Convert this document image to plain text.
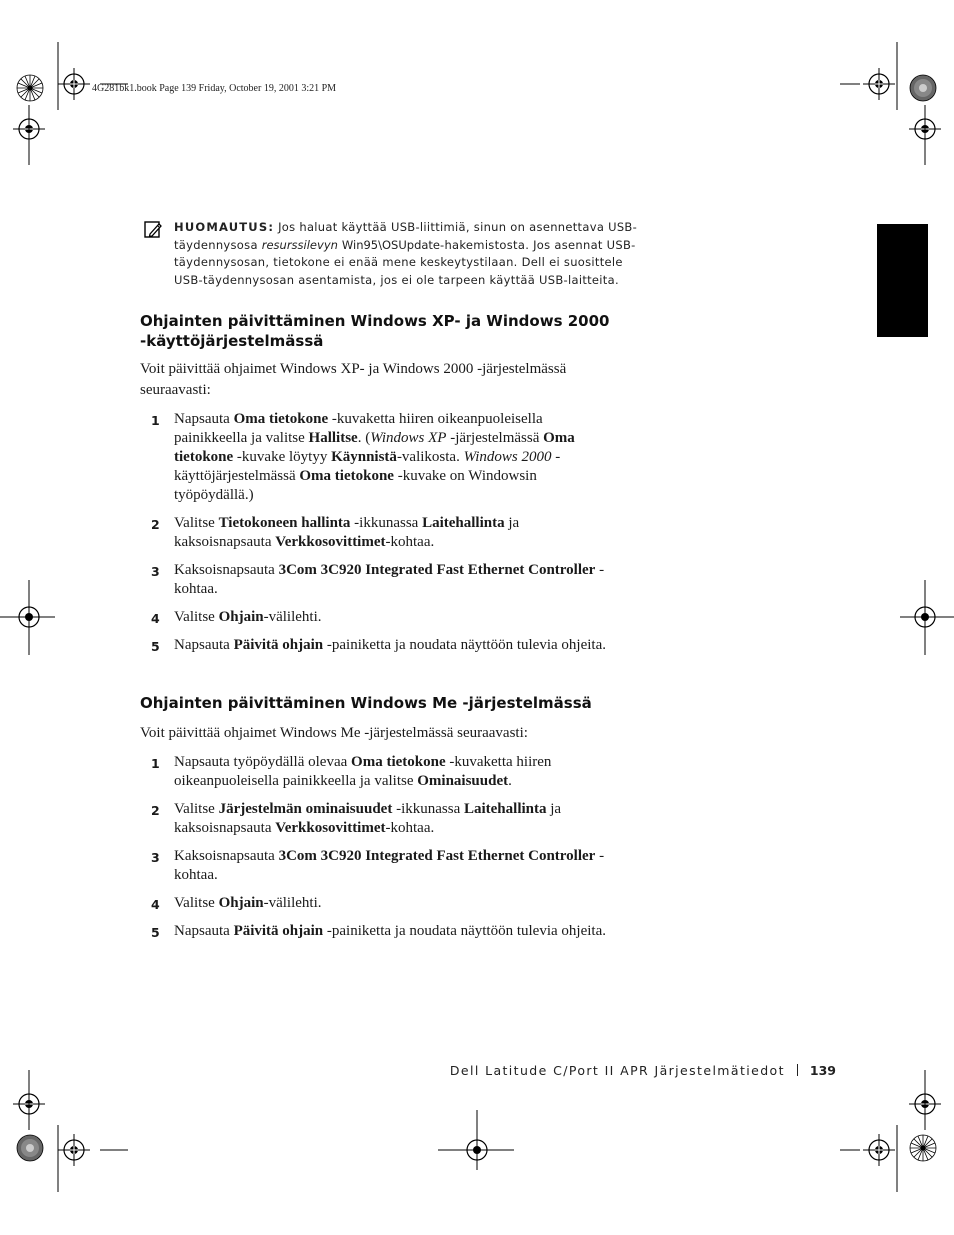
4G281bk1.book Page 139 Friday, October 19, 2001 3:21 PM
HUOMAUTUS: Jos haluat käyttää USB-liittimiä, sinun on asennettava USB-täydennysosa resurssilevyn Win95\OSUpdate-hakemistosta. Jos asennat USB-täydennysosan, tietokone ei enää mene keskeytystilaan. Dell ei suosittele USB-täydennysosan asentamista, jos ei ole tarpeen käyttää USB-laitteita.
Ohjainten päivittäminen Windows XP- ja Windows 2000 -käyttöjärjestelmässä

Voit päivittää ohjaimet Windows XP- ja Windows 2000 -järjestelmässä seuraavasti:

1 Napsauta Oma tietokone -kuvaketta hiiren oikeanpuoleisella painikkeella ja valitse Hallitse. (Windows XP -järjestelmässä Oma tietokone -kuvake löytyy Käynnistä-valikosta. Windows 2000 -käyttöjärjestelmässä Oma tietokone -kuvake on Windowsin työpöydällä.)
2 Valitse Tietokoneen hallinta -ikkunassa Laitehallinta ja kaksoisnapsauta Verkkosovittimet-kohtaa.
3 Kaksoisnapsauta 3Com 3C920 Integrated Fast Ethernet Controller -kohtaa.
4 Valitse Ohjain-välilehti.
5 Napsauta Päivitä ohjain -painiketta ja noudata näyttöön tulevia ohjeita.
Ohjainten päivittäminen Windows Me -järjestelmässä

Voit päivittää ohjaimet Windows Me -järjestelmässä seuraavasti:

1 Napsauta työpöydällä olevaa Oma tietokone -kuvaketta hiiren oikeanpuoleisella painikkeella ja valitse Ominaisuudet.
2 Valitse Järjestelmän ominaisuudet -ikkunassa Laitehallinta ja kaksoisnapsauta Verkkosovittimet-kohtaa.
3 Kaksoisnapsauta 3Com 3C920 Integrated Fast Ethernet Controller -kohtaa.
4 Valitse Ohjain-välilehti.
5 Napsauta Päivitä ohjain -painiketta ja noudata näyttöön tulevia ohjeita.
Dell Latitude C/Port II APR Järjestelmätiedot 139
